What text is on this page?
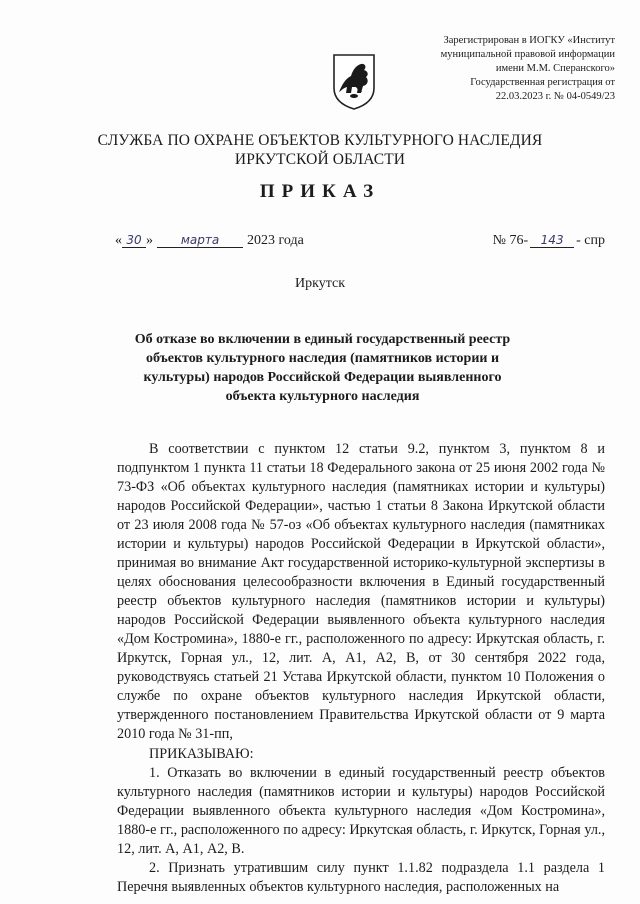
Зарегистрирован в ИОГКУ «Институт
муниципальной правовой информации
имени М.М. Сперанского»
Государственная регистрация от
22.03.2023 г. № 04-0549/23
СЛУЖБА ПО ОХРАНЕ ОБЪЕКТОВ КУЛЬТУРНОГО НАСЛЕДИЯ
ИРКУТСКОЙ ОБЛАСТИ
ПРИКАЗ
« 30 » марта 2023 года	№ 76- 143 - спр
Иркутск
Об отказе во включении в единый государственный реестр объектов культурного наследия (памятников истории и культуры) народов Российской Федерации выявленного объекта культурного наследия

В соответствии с пунктом 12 статьи 9.2, пунктом 3, пунктом 8 и подпунктом 1 пункта 11 статьи 18 Федерального закона от 25 июня 2002 года № 73-ФЗ «Об объектах культурного наследия (памятниках истории и культуры) народов Российской Федерации», частью 1 статьи 8 Закона Иркутской области от 23 июля 2008 года № 57-оз «Об объектах культурного наследия (памятниках истории и культуры) народов Российской Федерации в Иркутской области», принимая во внимание Акт государственной историко-культурной экспертизы в целях обоснования целесообразности включения в Единый государственный реестр объектов культурного наследия (памятников истории и культуры) народов Российской Федерации выявленного объекта культурного наследия «Дом Костромина», 1880-е гг., расположенного по адресу: Иркутская область, г. Иркутск, Горная ул., 12, лит. А, А1, А2, В, от 30 сентября 2022 года, руководствуясь статьей 21 Устава Иркутской области, пунктом 10 Положения о службе по охране объектов культурного наследия Иркутской области, утвержденного постановлением Правительства Иркутской области от 9 марта 2010 года № 31-пп,

ПРИКАЗЫВАЮ:

1. Отказать во включении в единый государственный реестр объектов культурного наследия (памятников истории и культуры) народов Российской Федерации выявленного объекта культурного наследия «Дом Костромина», 1880-е гг., расположенного по адресу: Иркутская область, г. Иркутск, Горная ул., 12, лит. А, А1, А2, В.

2. Признать утратившим силу пункт 1.1.82 подраздела 1.1 раздела 1 Перечня выявленных объектов культурного наследия, расположенных на
